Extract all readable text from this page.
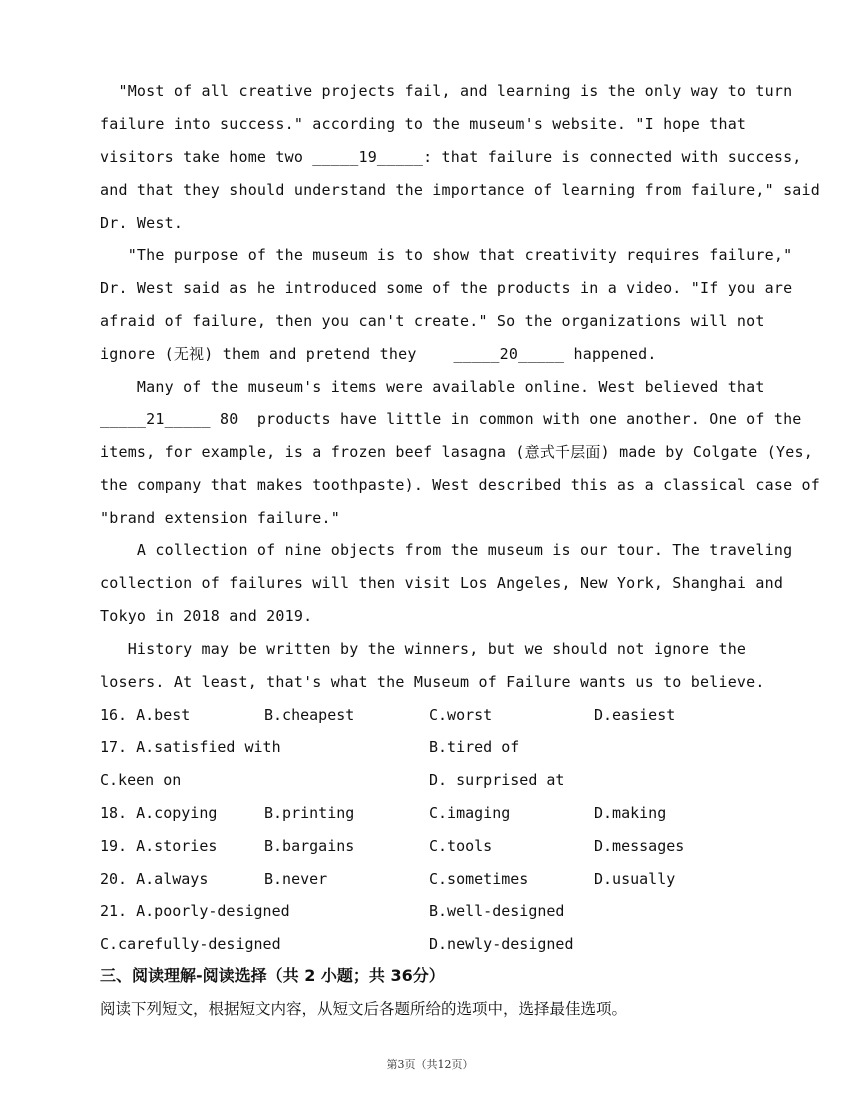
"Most of all creative projects fail, and learning is the only way to turn
failure into success." according to the museum's website. "I hope that
visitors take home two _____19_____: that failure is connected with success,
and that they should understand the importance of learning from failure," said
Dr. West.
"The purpose of the museum is to show that creativity requires failure,"
Dr. West said as he introduced some of the products in a video. "If you are
afraid of failure, then you can't create." So the organizations will not
ignore (无视) them and pretend they    _____20_____ happened.
Many of the museum's items were available online. West believed that
_____21_____ 80  products have little in common with one another. One of the
items, for example, is a frozen beef lasagna (意式千层面) made by Colgate (Yes,
the company that makes toothpaste). West described this as a classical case of
"brand extension failure."
A collection of nine objects from the museum is our tour. The traveling
collection of failures will then visit Los Angeles, New York, Shanghai and
Tokyo in 2018 and 2019.
History may be written by the winners, but we should not ignore the
losers. At least, that's what the Museum of Failure wants us to believe.
16. A.best	B.cheapest	C.worst	D.easiest
17. A.satisfied with	B.tired of
C.keen on	D. surprised at
18. A.copying	B.printing	C.imaging	D.making
19. A.stories	B.bargains	C.tools	D.messages
20. A.always	B.never	C.sometimes	D.usually
21. A.poorly-designed	B.well-designed
C.carefully-designed	D.newly-designed
三、阅读理解-阅读选择（共 2 小题；共 36分）
阅读下列短文，根据短文内容，从短文后各题所给的选项中，选择最佳选项。
第3页（共12页）
